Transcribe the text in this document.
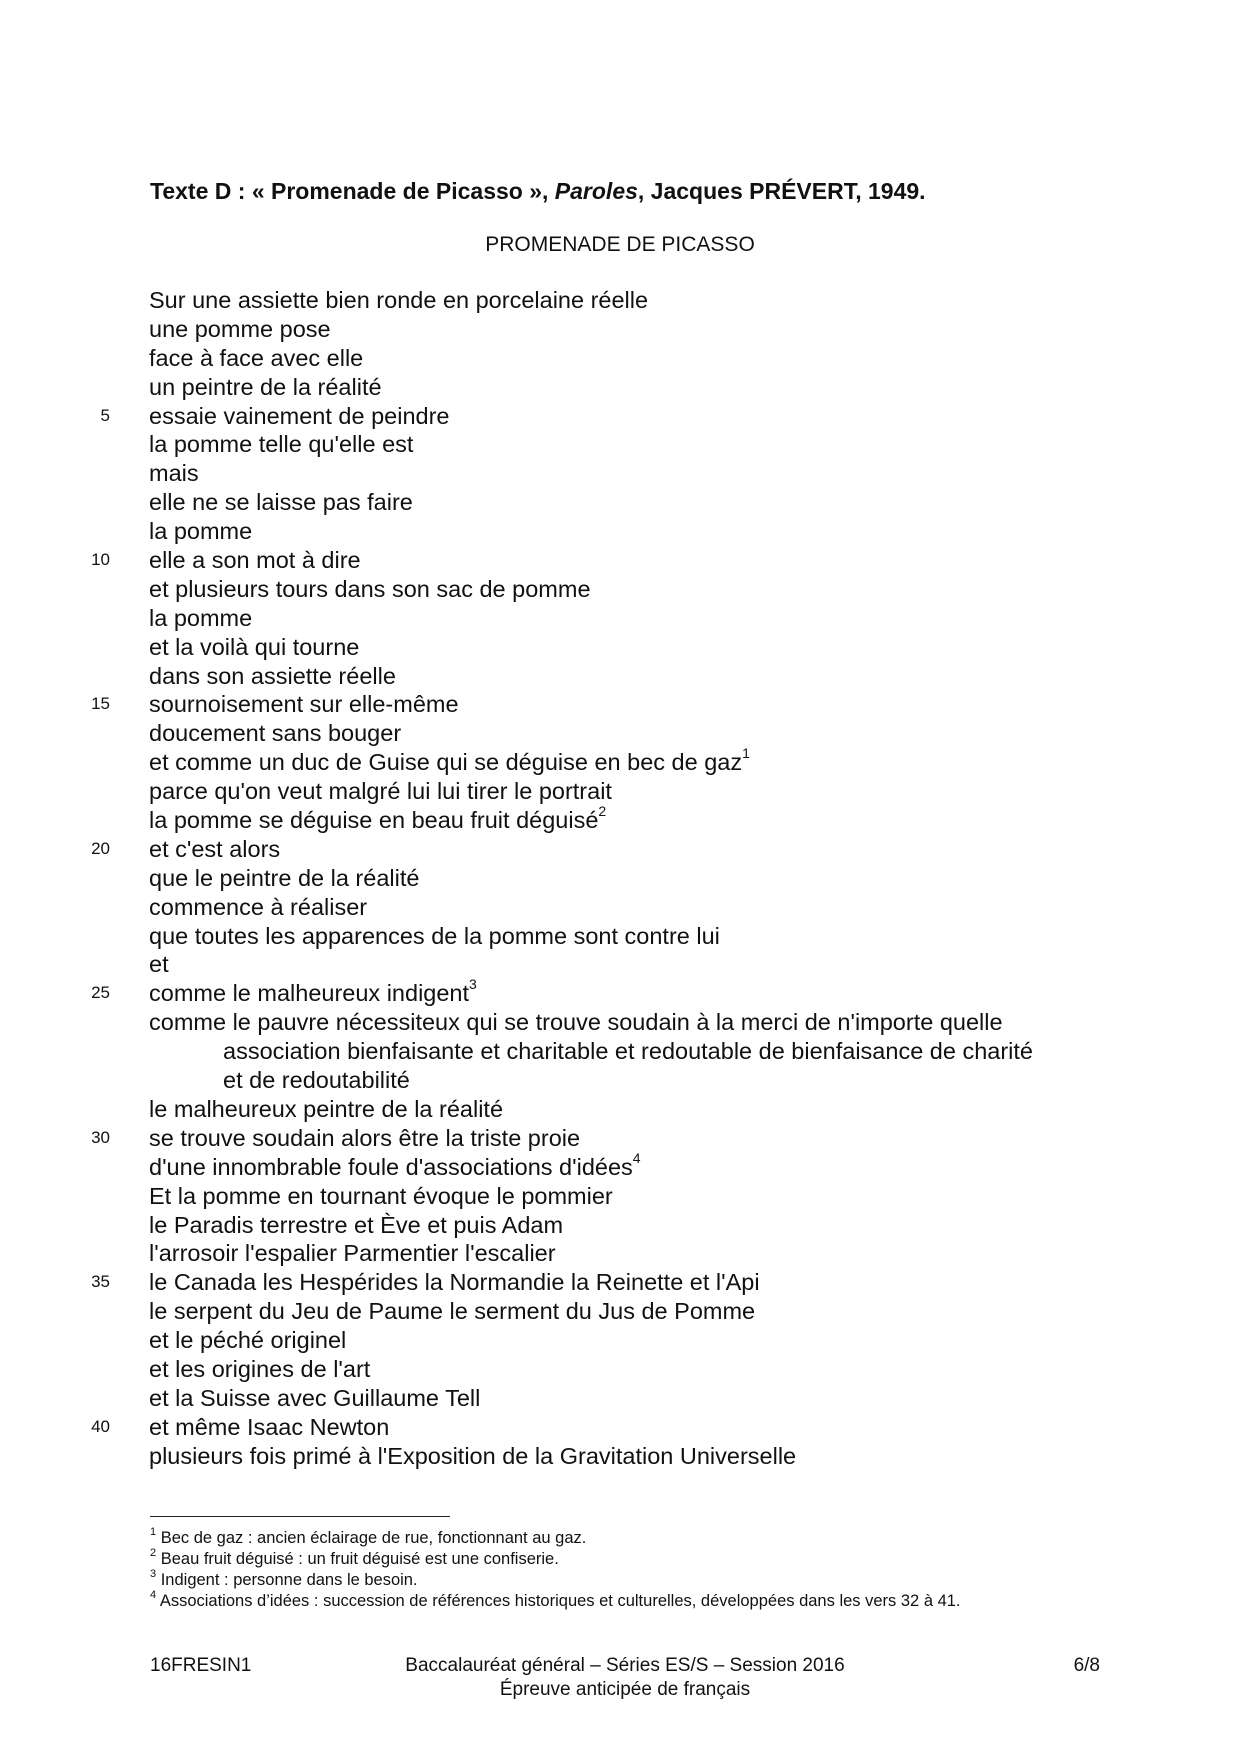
Texte D : « Promenade de Picasso », Paroles, Jacques PRÉVERT, 1949.
PROMENADE DE PICASSO
Sur une assiette bien ronde en porcelaine réelle
une pomme pose
face à face avec elle
un peintre de la réalité
5 essaie vainement de peindre
la pomme telle qu'elle est
mais
elle ne se laisse pas faire
la pomme
10 elle a son mot à dire
et plusieurs tours dans son sac de pomme
la pomme
et la voilà qui tourne
dans son assiette réelle
15 sournoisement sur elle-même
doucement sans bouger
et comme un duc de Guise qui se déguise en bec de gaz$^1$
parce qu'on veut malgré lui lui tirer le portrait
la pomme se déguise en beau fruit déguisé$^2$
20 et c'est alors
que le peintre de la réalité
commence à réaliser
que toutes les apparences de la pomme sont contre lui
et
25 comme le malheureux indigent$^3$
comme le pauvre nécessiteux qui se trouve soudain à la merci de n'importe quelle
association bienfaisante et charitable et redoutable de bienfaisance de charité
et de redoutabilité
le malheureux peintre de la réalité
30 se trouve soudain alors être la triste proie
d'une innombrable foule d'associations d'idées$^4$
Et la pomme en tournant évoque le pommier
le Paradis terrestre et Ève et puis Adam
l'arrosoir l'espalier Parmentier l'escalier
35 le Canada les Hespérides la Normandie la Reinette et l'Api
le serpent du Jeu de Paume le serment du Jus de Pomme
et le péché originel
et les origines de l'art
et la Suisse avec Guillaume Tell
40 et même Isaac Newton
plusieurs fois primé à l'Exposition de la Gravitation Universelle
$^1$ Bec de gaz : ancien éclairage de rue, fonctionnant au gaz.
$^2$ Beau fruit déguisé : un fruit déguisé est une confiserie.
$^3$ Indigent : personne dans le besoin.
$^4$ Associations d’idées : succession de références historiques et culturelles, développées dans les vers 32 à 41.
16FRESIN1	Baccalauréat général – Séries ES/S – Session 2016
Épreuve anticipée de français
6/8
